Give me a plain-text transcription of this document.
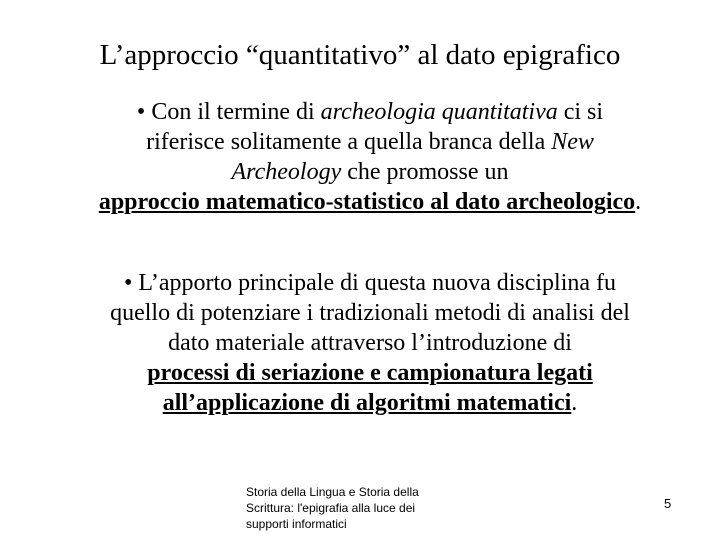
L’approccio “quantitativo” al dato epigrafico
• Con il termine di archeologia quantitativa ci si
riferisce solitamente a quella branca della New
Archeology che promosse un
approccio matematico-statistico al dato archeologico.
• L’apporto principale di questa nuova disciplina fu
quello di potenziare i tradizionali metodi di analisi del
dato materiale attraverso l’introduzione di
processi di seriazione e campionatura legati
all’applicazione di algoritmi matematici.
Storia della Lingua e Storia della
Scrittura: l'epigrafia alla luce dei
supporti informatici
5
